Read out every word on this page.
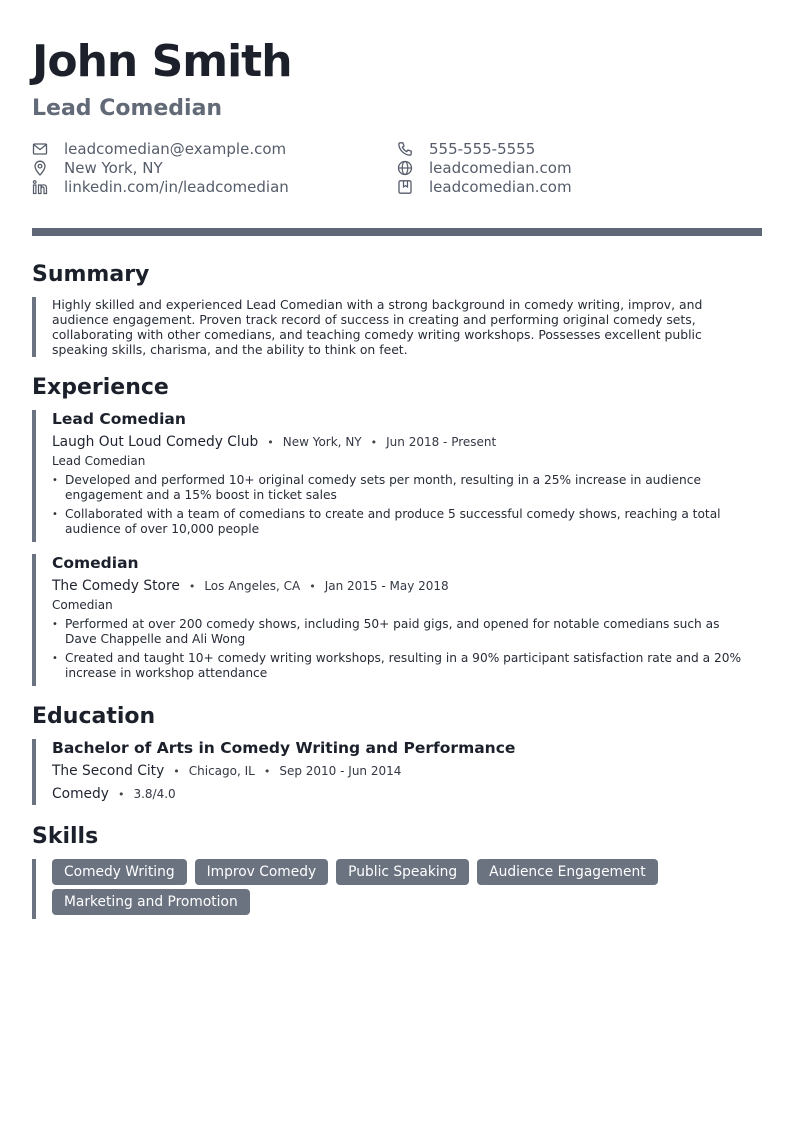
John Smith
Lead Comedian
leadcomedian@example.com
New York, NY
linkedin.com/in/leadcomedian
555-555-5555
leadcomedian.com
leadcomedian.com
Summary

Highly skilled and experienced Lead Comedian with a strong background in comedy writing, improv, and audience engagement. Proven track record of success in creating and performing original comedy sets, collaborating with other comedians, and teaching comedy writing workshops. Possesses excellent public speaking skills, charisma, and the ability to think on feet.

Experience
Lead Comedian
Laugh Out Loud Comedy Club • New York, NY • Jun 2018 - Present
Lead Comedian
• Developed and performed 10+ original comedy sets per month, resulting in a 25% increase in audience engagement and a 15% boost in ticket sales
• Collaborated with a team of comedians to create and produce 5 successful comedy shows, reaching a total audience of over 10,000 people
Comedian
The Comedy Store • Los Angeles, CA • Jan 2015 - May 2018
Comedian
• Performed at over 200 comedy shows, including 50+ paid gigs, and opened for notable comedians such as Dave Chappelle and Ali Wong
• Created and taught 10+ comedy writing workshops, resulting in a 90% participant satisfaction rate and a 20% increase in workshop attendance
Education
Bachelor of Arts in Comedy Writing and Performance
The Second City • Chicago, IL • Sep 2010 - Jun 2014
Comedy • 3.8/4.0
Skills
Comedy Writing	Improv Comedy	Public Speaking	Audience Engagement
Marketing and Promotion
